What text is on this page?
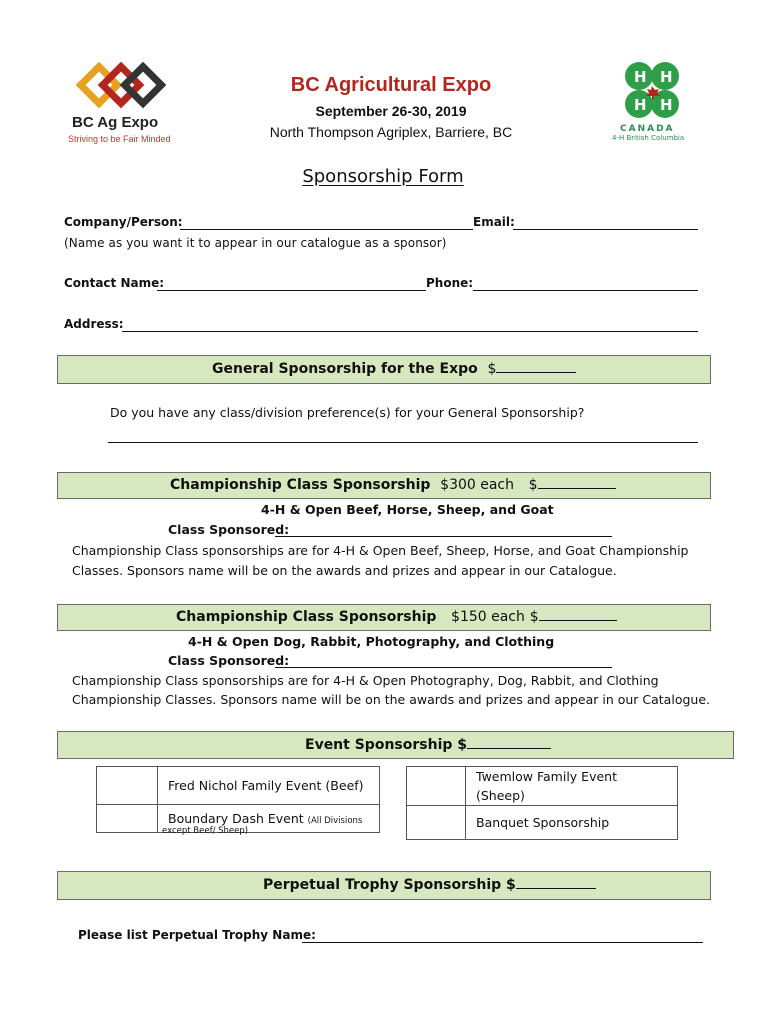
BC Ag Expo
Striving to be Fair Minded
BC Agricultural Expo
September 26-30, 2019
North Thompson Agriplex, Barriere, BC
H H
H H
CANADA
4-H British Columbia
Sponsorship Form
Company/Person:	Email:
(Name as you want it to appear in our catalogue as a sponsor)
Contact Name:	Phone:
Address:
General Sponsorship for the Expo $
Do you have any class/division preference(s) for your General Sponsorship?
Championship Class Sponsorship $300 each $
4-H & Open Beef, Horse, Sheep, and Goat
Class Sponsored:
Championship Class sponsorships are for 4-H & Open Beef, Sheep, Horse, and Goat Championship
Classes. Sponsors name will be on the awards and prizes and appear in our Catalogue.
Championship Class Sponsorship $150 each $
4-H & Open Dog, Rabbit, Photography, and Clothing
Class Sponsored:
Championship Class sponsorships are for 4-H & Open Photography, Dog, Rabbit, and Clothing
Championship Classes. Sponsors name will be on the awards and prizes and appear in our Catalogue.
Event Sponsorship $
	Fred Nichol Family Event (Beef)
	Boundary Dash Event (All Divisions
except Beef/ Sheep)

	Twemlow Family Event
(Sheep)

	Banquet Sponsorship
Perpetual Trophy Sponsorship $
Please list Perpetual Trophy Name:
